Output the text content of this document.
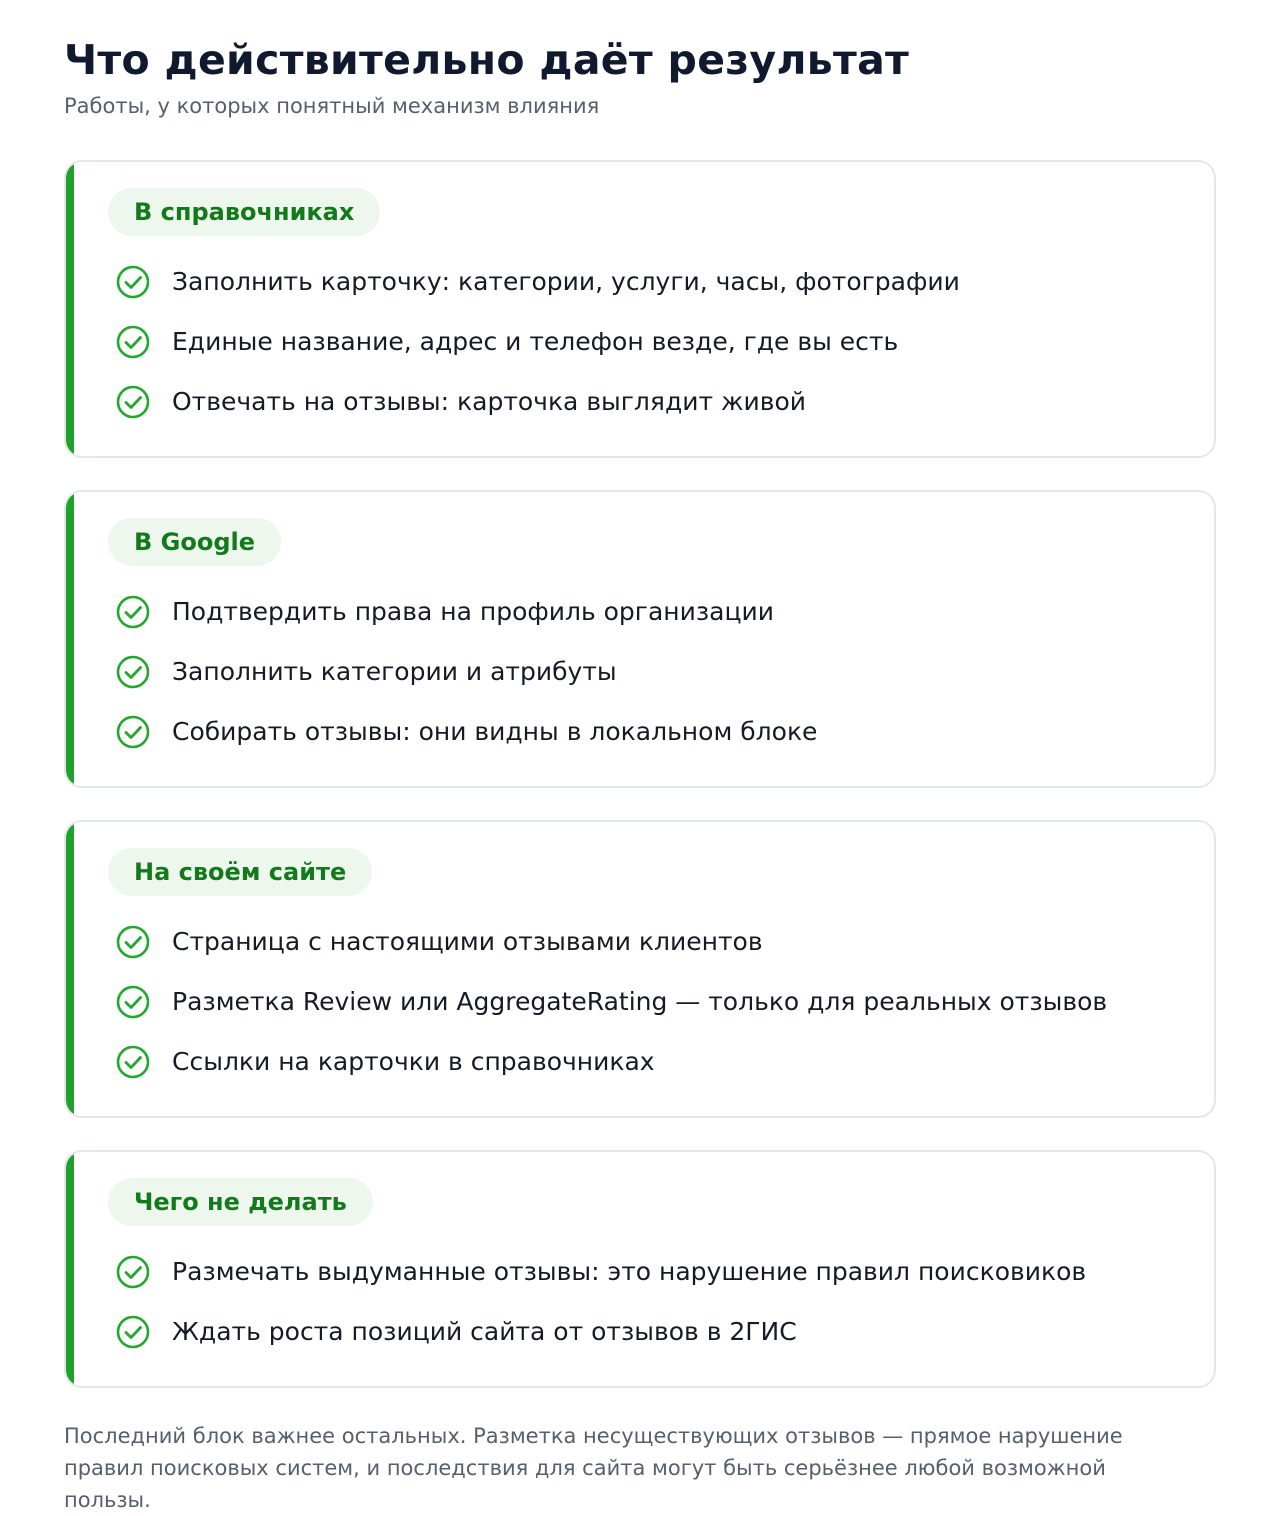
Что действительно даёт результат
Работы, у которых понятный механизм влияния
В справочниках
Заполнить карточку: категории, услуги, часы, фотографии
Единые название, адрес и телефон везде, где вы есть
Отвечать на отзывы: карточка выглядит живой
В Google
Подтвердить права на профиль организации
Заполнить категории и атрибуты
Собирать отзывы: они видны в локальном блоке
На своём сайте
Страница с настоящими отзывами клиентов
Разметка Review или AggregateRating — только для реальных отзывов
Ссылки на карточки в справочниках
Чего не делать
Размечать выдуманные отзывы: это нарушение правил поисковиков
Ждать роста позиций сайта от отзывов в 2ГИС
Последний блок важнее остальных. Разметка несуществующих отзывов — прямое нарушение правил поисковых систем, и последствия для сайта могут быть серьёзнее любой возможной пользы.
